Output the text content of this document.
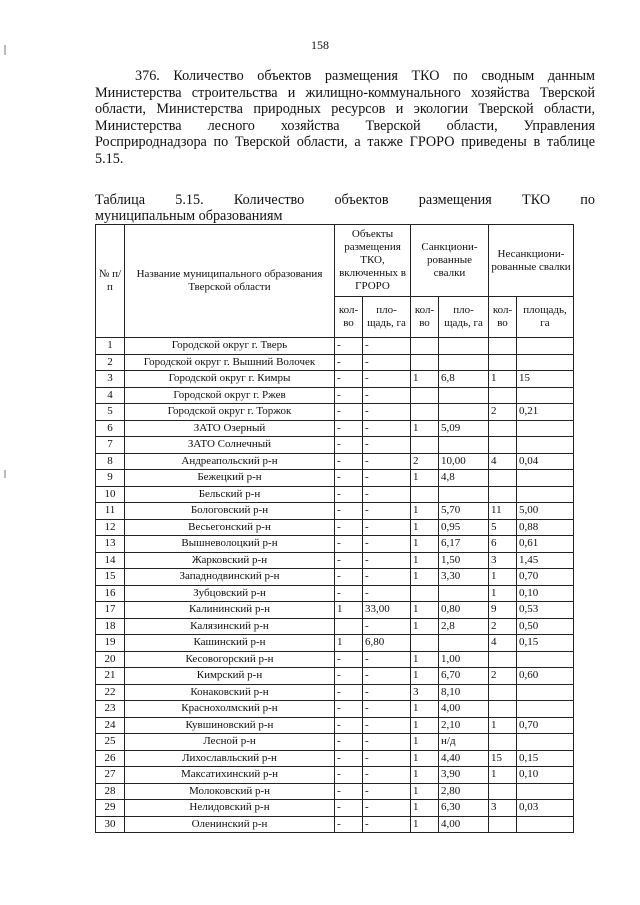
158

376. Количество объектов размещения ТКО по сводным данным Министерства строительства и жилищно-коммунального хозяйства Тверской области, Министерства природных ресурсов и экологии Тверской области, Министерства лесного хозяйства Тверской области, Управления Росприроднадзора по Тверской области, а также ГРОРО приведены в таблице 5.15.

Таблица 5.15. Количество объектов размещения ТКО по

муниципальным образованиям

№ п/п	Название муниципального образования Тверской области	Объекты размещения ТКО, включенных в ГРОРО		Санкциони-рованные свалки		Несанкциони-рованные свалки	
		кол-во	пло-щадь, га	кол-во	пло-щадь, га	кол-во	площадь, га
1	Городской округ г. Тверь	-	-				
2	Городской округ г. Вышний Волочек	-	-				
3	Городской округ г. Кимры	-	-	1	6,8	1	15
4	Городской округ г. Ржев	-	-				
5	Городской округ г. Торжок	-	-			2	0,21
6	ЗАТО Озерный	-	-	1	5,09		
7	ЗАТО Солнечный	-	-				
8	Андреапольский р-н	-	-	2	10,00	4	0,04
9	Бежецкий р-н	-	-	1	4,8		
10	Бельский р-н	-	-				
11	Бологовский р-н	-	-	1	5,70	11	5,00
12	Весьегонский р-н	-	-	1	0,95	5	0,88
13	Вышневолоцкий р-н	-	-	1	6,17	6	0,61
14	Жарковский р-н	-	-	1	1,50	3	1,45
15	Западнодвинский р-н	-	-	1	3,30	1	0,70
16	Зубцовский р-н	-	-			1	0,10
17	Калининский р-н	1	33,00	1	0,80	9	0,53
18	Калязинский р-н		-	1	2,8	2	0,50
19	Кашинский р-н	1	6,80			4	0,15
20	Кесовогорский р-н	-	-	1	1,00		
21	Кимрский р-н	-	-	1	6,70	2	0,60
22	Конаковский р-н	-	-	3	8,10		
23	Краснохолмский р-н	-	-	1	4,00		
24	Кувшиновский р-н	-	-	1	2,10	1	0,70
25	Лесной р-н	-	-	1	н/д		
26	Лихославльский р-н	-	-	1	4,40	15	0,15
27	Максатихинский р-н	-	-	1	3,90	1	0,10
28	Молоковский р-н	-	-	1	2,80		
29	Нелидовский р-н	-	-	1	6,30	3	0,03
30	Оленинский р-н	-	-	1	4,00		
